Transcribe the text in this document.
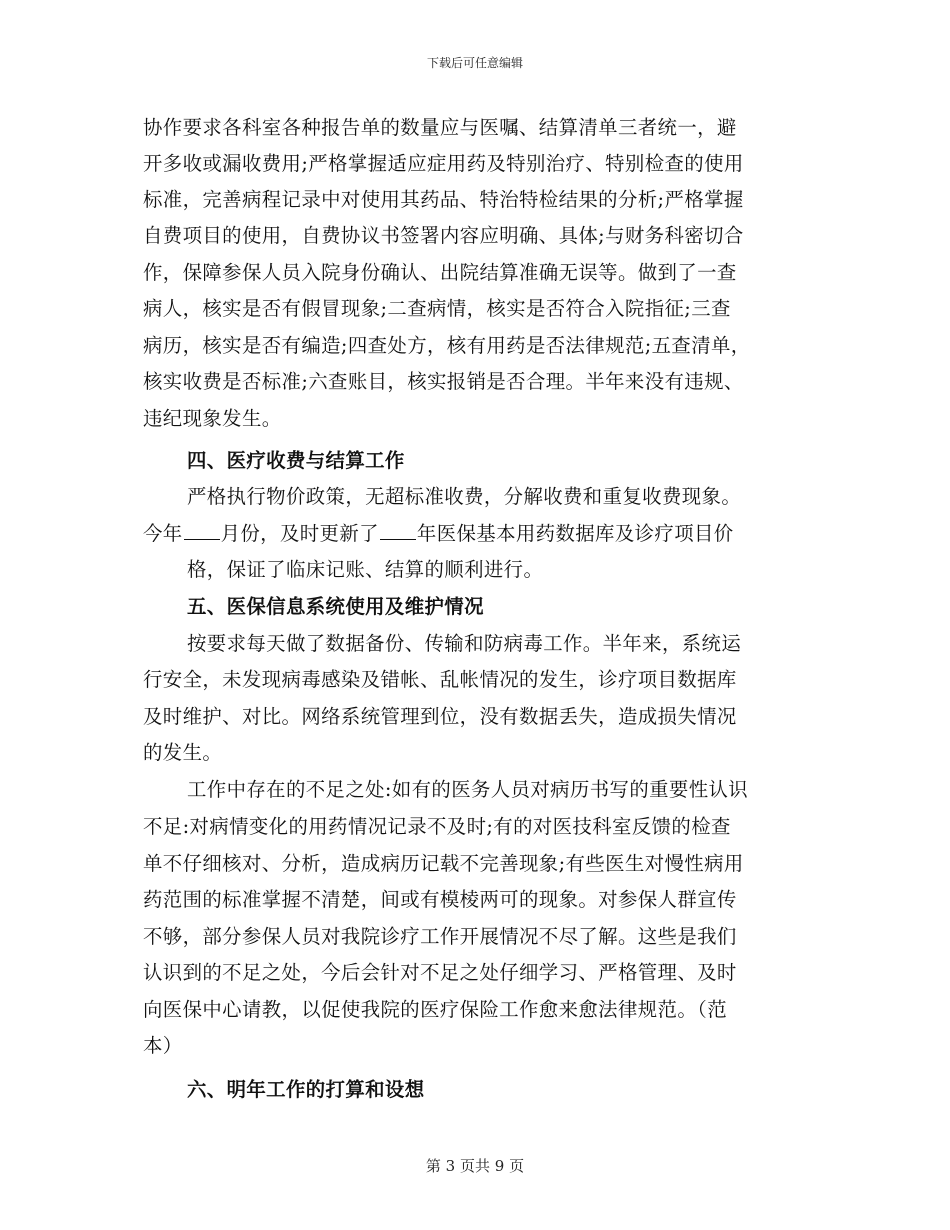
下载后可任意编辑
协作要求各科室各种报告单的数量应与医嘱、结算清单三者统一，避
开多收或漏收费用;严格掌握适应症用药及特别治疗、特别检查的使用
标准，完善病程记录中对使用其药品、特治特检结果的分析;严格掌握
自费项目的使用，自费协议书签署内容应明确、具体;与财务科密切合
作，保障参保人员入院身份确认、出院结算准确无误等。做到了一查
病人，核实是否有假冒现象;二查病情，核实是否符合入院指征;三查
病历，核实是否有编造;四查处方，核有用药是否法律规范;五查清单，
核实收费是否标准;六查账目，核实报销是否合理。半年来没有违规、
违纪现象发生。
四、医疗收费与结算工作
严格执行物价政策，无超标准收费，分解收费和重复收费现象。
今年 月份，及时更新了 年医保基本用药数据库及诊疗项目价
格，保证了临床记账、结算的顺利进行。
五、医保信息系统使用及维护情况
按要求每天做了数据备份、传输和防病毒工作。半年来，系统运
行安全，未发现病毒感染及错帐、乱帐情况的发生，诊疗项目数据库
及时维护、对比。网络系统管理到位，没有数据丢失，造成损失情况
的发生。
工作中存在的不足之处:如有的医务人员对病历书写的重要性认识
不足:对病情变化的用药情况记录不及时;有的对医技科室反馈的检查
单不仔细核对、分析，造成病历记载不完善现象;有些医生对慢性病用
药范围的标准掌握不清楚，间或有模棱两可的现象。对参保人群宣传
不够，部分参保人员对我院诊疗工作开展情况不尽了解。这些是我们
认识到的不足之处，今后会针对不足之处仔细学习、严格管理、及时
向医保中心请教，以促使我院的医疗保险工作愈来愈法律规范。（范
本）
六、明年工作的打算和设想
第 3 页共 9 页
